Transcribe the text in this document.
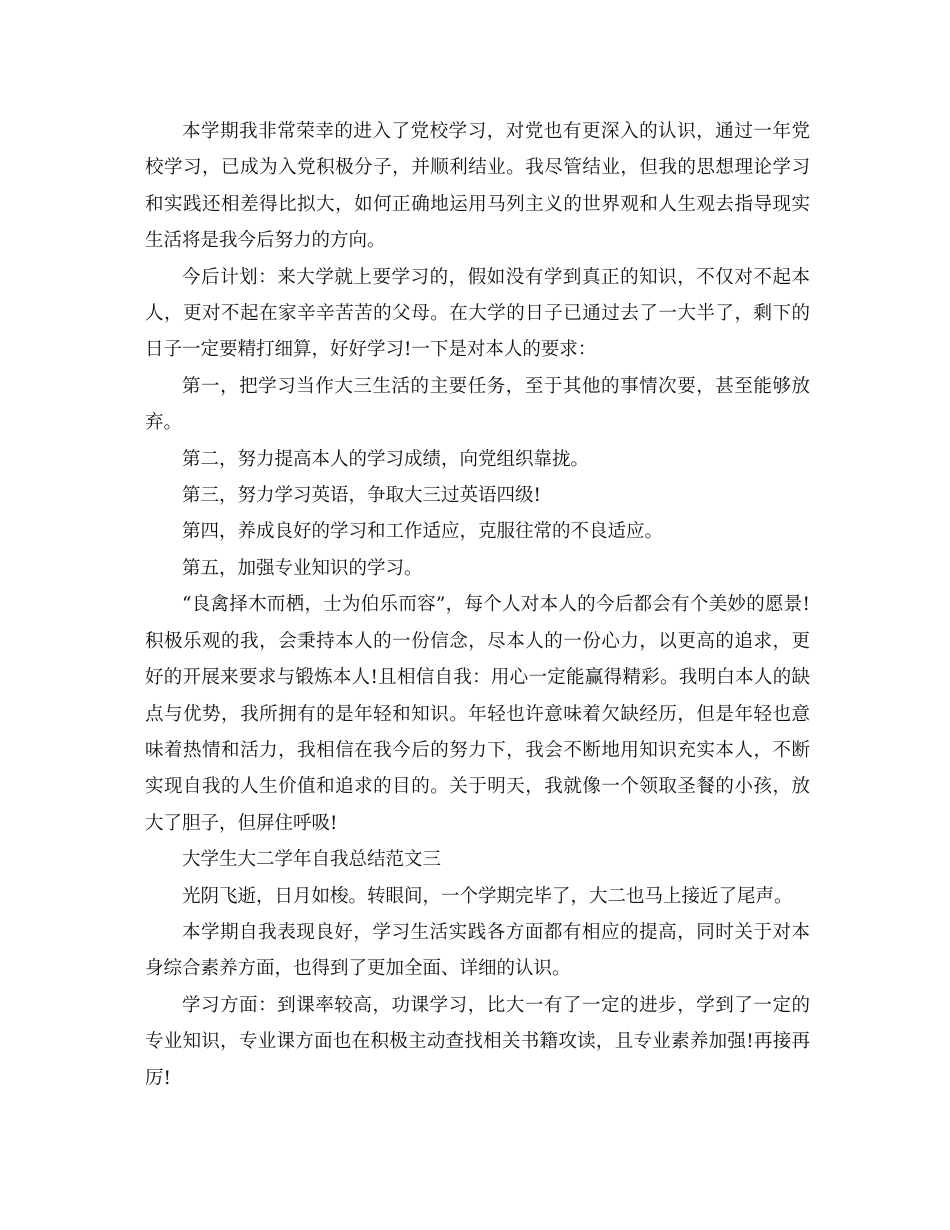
本学期我非常荣幸的进入了党校学习，对党也有更深入的认识，通过一年党校学习，已成为入党积极分子，并顺利结业。我尽管结业，但我的思想理论学习和实践还相差得比拟大，如何正确地运用马列主义的世界观和人生观去指导现实生活将是我今后努力的方向。

今后计划：来大学就上要学习的，假如没有学到真正的知识，不仅对不起本人，更对不起在家辛辛苦苦的父母。在大学的日子已通过去了一大半了，剩下的日子一定要精打细算，好好学习!一下是对本人的要求：

第一，把学习当作大三生活的主要任务，至于其他的事情次要，甚至能够放弃。

第二，努力提高本人的学习成绩，向党组织靠拢。

第三，努力学习英语，争取大三过英语四级!

第四，养成良好的学习和工作适应，克服往常的不良适应。

第五，加强专业知识的学习。

“良禽择木而栖，士为伯乐而容”，每个人对本人的今后都会有个美妙的愿景!积极乐观的我，会秉持本人的一份信念，尽本人的一份心力，以更高的追求，更好的开展来要求与锻炼本人!且相信自我：用心一定能赢得精彩。我明白本人的缺点与优势，我所拥有的是年轻和知识。年轻也许意味着欠缺经历，但是年轻也意味着热情和活力，我相信在我今后的努力下，我会不断地用知识充实本人，不断实现自我的人生价值和追求的目的。关于明天，我就像一个领取圣餐的小孩，放大了胆子，但屏住呼吸!

大学生大二学年自我总结范文三

光阴飞逝，日月如梭。转眼间，一个学期完毕了，大二也马上接近了尾声。

本学期自我表现良好，学习生活实践各方面都有相应的提高，同时关于对本身综合素养方面，也得到了更加全面、详细的认识。

学习方面：到课率较高，功课学习，比大一有了一定的进步，学到了一定的专业知识，专业课方面也在积极主动查找相关书籍攻读，且专业素养加强!再接再厉!
